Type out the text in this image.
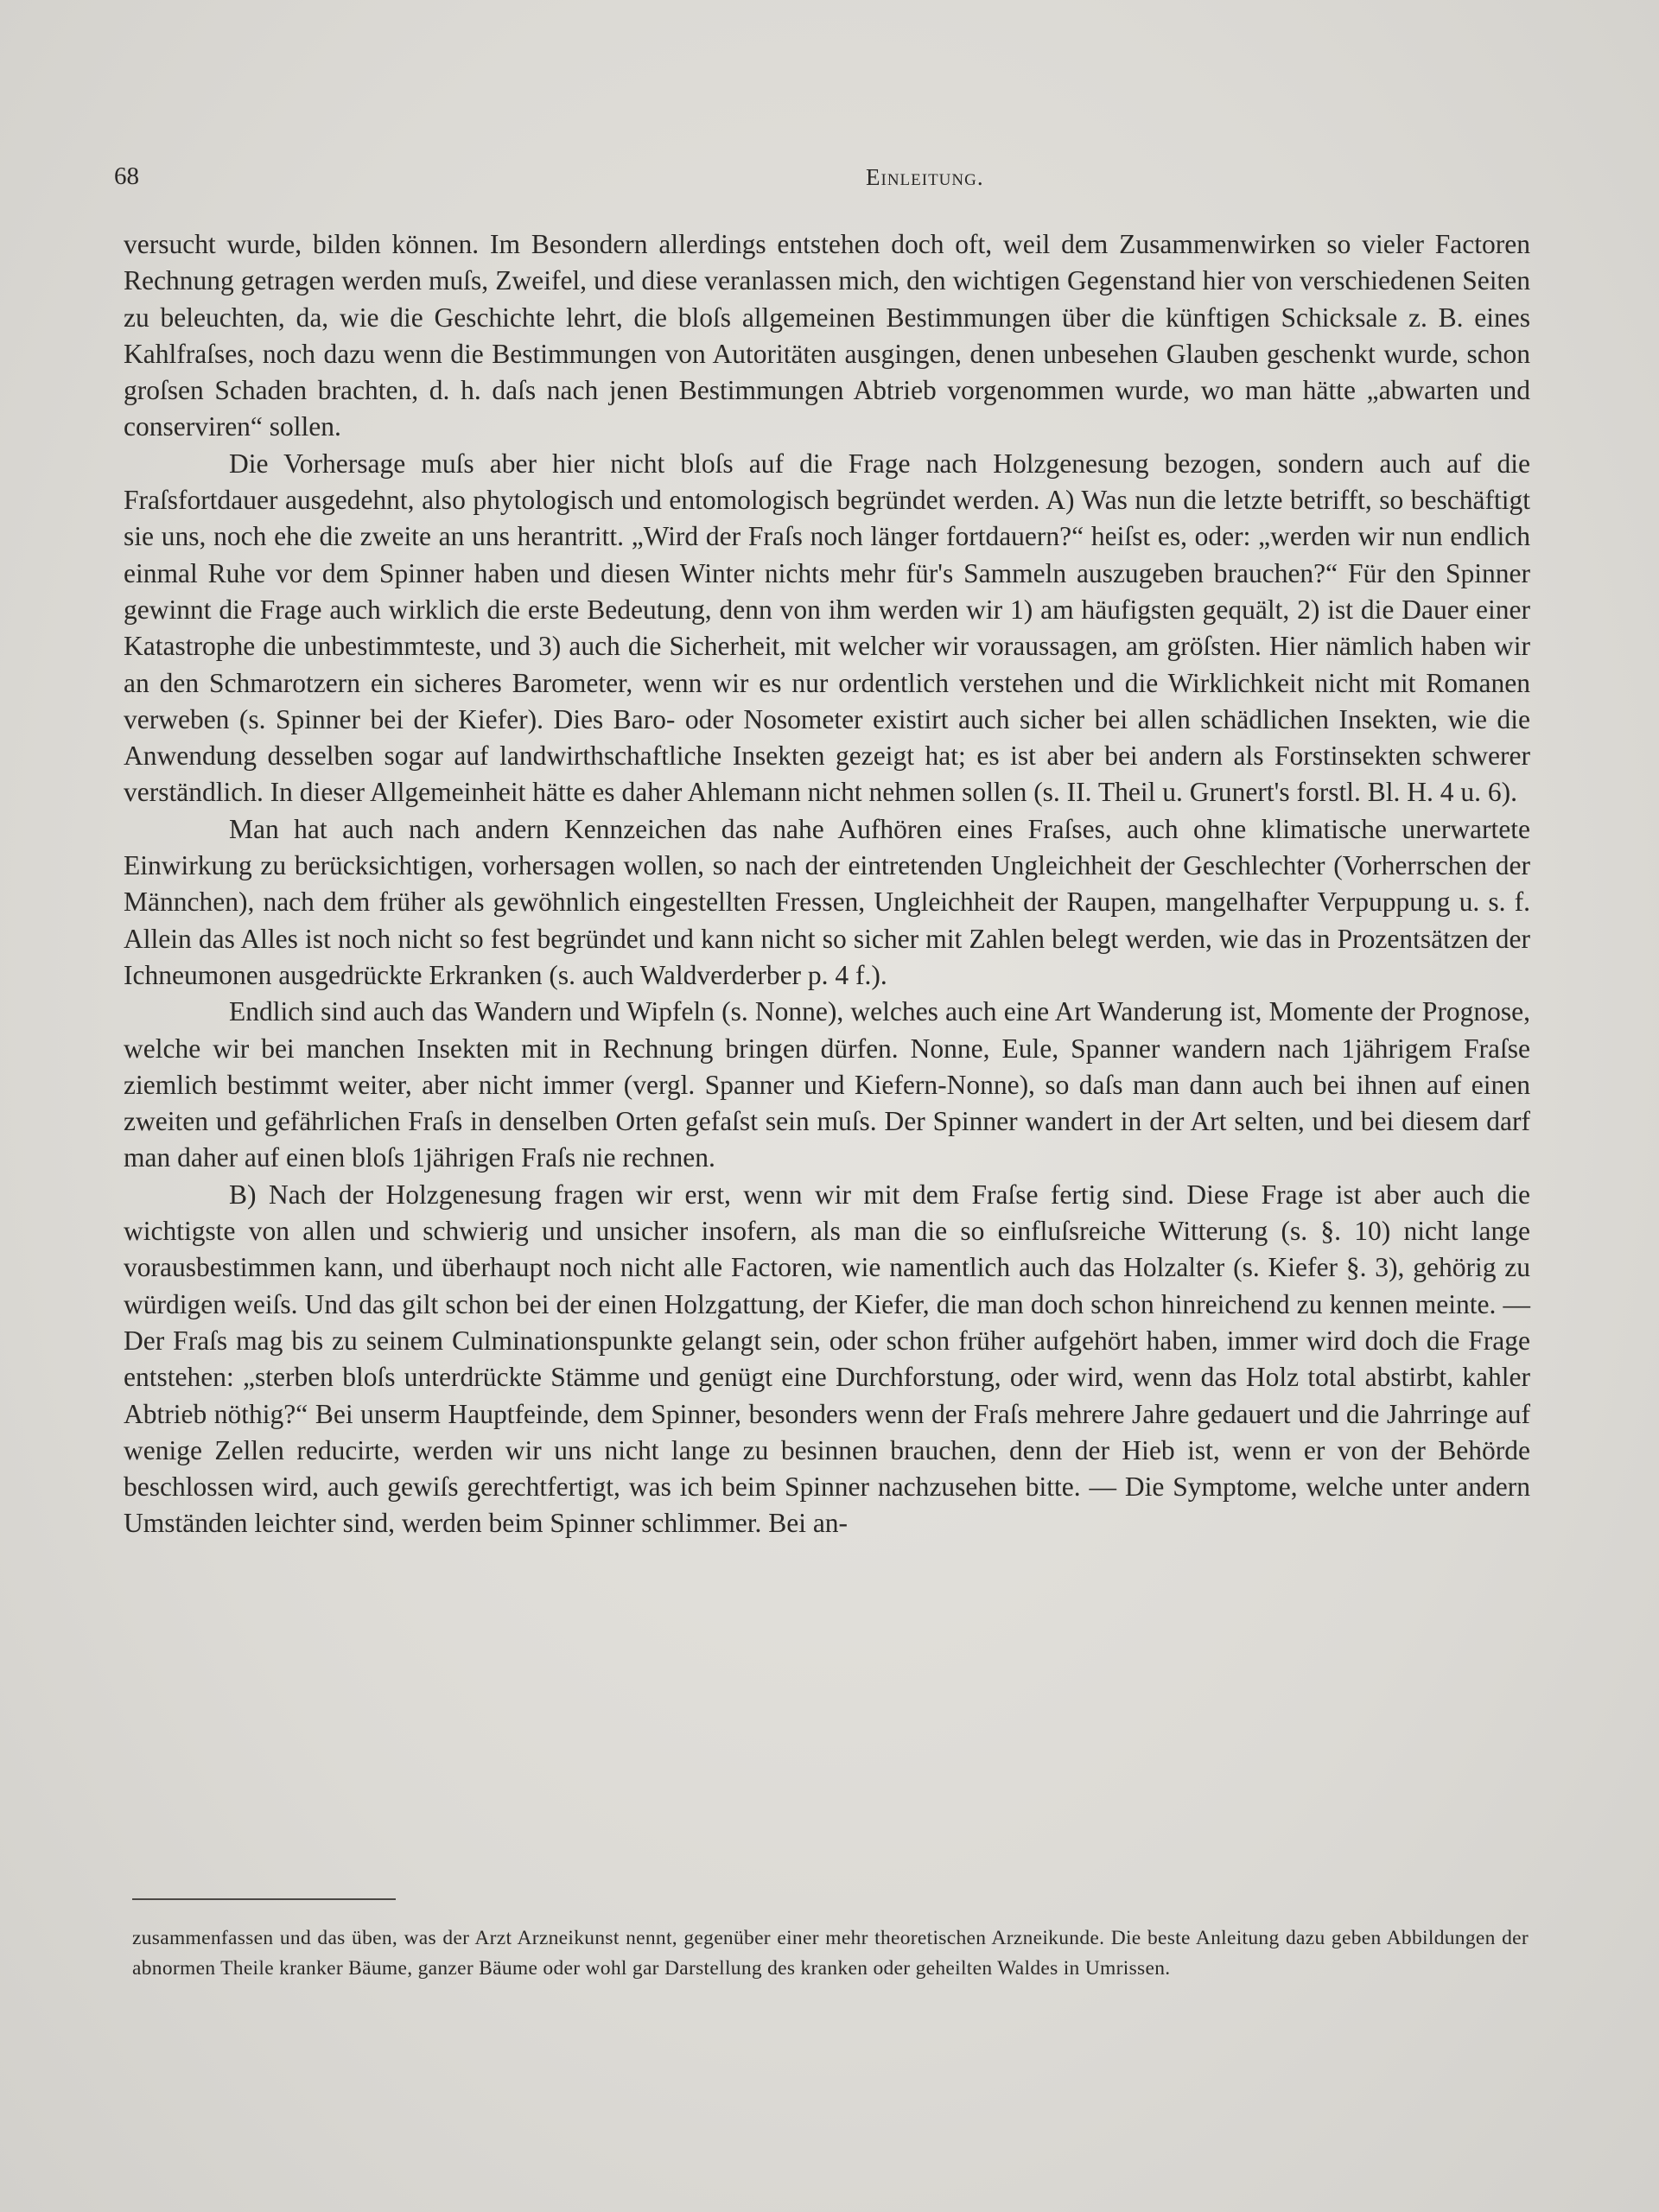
68	Einleitung.

versucht wurde, bilden können. Im Besondern allerdings entstehen doch oft, weil dem Zusammenwirken so vieler Factoren Rechnung getragen werden muſs, Zweifel, und diese veranlassen mich, den wichtigen Gegenstand hier von verschiedenen Seiten zu beleuchten, da, wie die Geschichte lehrt, die bloſs allgemeinen Bestimmungen über die künftigen Schicksale z. B. eines Kahlfraſses, noch dazu wenn die Bestimmungen von Autoritäten ausgingen, denen unbesehen Glauben geschenkt wurde, schon groſsen Schaden brachten, d. h. daſs nach jenen Bestimmungen Abtrieb vorgenommen wurde, wo man hätte „abwarten und conserviren“ sollen.

Die Vorhersage muſs aber hier nicht bloſs auf die Frage nach Holzgenesung bezogen, sondern auch auf die Fraſsfortdauer ausgedehnt, also phytologisch und entomologisch begründet werden. A) Was nun die letzte betrifft, so beschäftigt sie uns, noch ehe die zweite an uns herantritt. „Wird der Fraſs noch länger fortdauern?“ heiſst es, oder: „werden wir nun endlich einmal Ruhe vor dem Spinner haben und diesen Winter nichts mehr für's Sammeln auszugeben brauchen?“ Für den Spinner gewinnt die Frage auch wirklich die erste Bedeutung, denn von ihm werden wir 1) am häufigsten gequält, 2) ist die Dauer einer Katastrophe die unbestimmteste, und 3) auch die Sicherheit, mit welcher wir voraussagen, am gröſsten. Hier nämlich haben wir an den Schmarotzern ein sicheres Barometer, wenn wir es nur ordentlich verstehen und die Wirklichkeit nicht mit Romanen verweben (s. Spinner bei der Kiefer). Dies Baro- oder Nosometer existirt auch sicher bei allen schädlichen Insekten, wie die Anwendung desselben sogar auf landwirthschaftliche Insekten gezeigt hat; es ist aber bei andern als Forstinsekten schwerer verständlich. In dieser Allgemeinheit hätte es daher Ahlemann nicht nehmen sollen (s. II. Theil u. Grunert's forstl. Bl. H. 4 u. 6).

Man hat auch nach andern Kennzeichen das nahe Aufhören eines Fraſses, auch ohne klimatische unerwartete Einwirkung zu berücksichtigen, vorhersagen wollen, so nach der eintretenden Ungleichheit der Geschlechter (Vorherrschen der Männchen), nach dem früher als gewöhnlich eingestellten Fressen, Ungleichheit der Raupen, mangelhafter Verpuppung u. s. f. Allein das Alles ist noch nicht so fest begründet und kann nicht so sicher mit Zahlen belegt werden, wie das in Prozentsätzen der Ichneumonen ausgedrückte Erkranken (s. auch Waldverderber p. 4 f.).

Endlich sind auch das Wandern und Wipfeln (s. Nonne), welches auch eine Art Wanderung ist, Momente der Prognose, welche wir bei manchen Insekten mit in Rechnung bringen dürfen. Nonne, Eule, Spanner wandern nach 1jährigem Fraſse ziemlich bestimmt weiter, aber nicht immer (vergl. Spanner und Kiefern-Nonne), so daſs man dann auch bei ihnen auf einen zweiten und gefährlichen Fraſs in denselben Orten gefaſst sein muſs. Der Spinner wandert in der Art selten, und bei diesem darf man daher auf einen bloſs 1jährigen Fraſs nie rechnen.

B) Nach der Holzgenesung fragen wir erst, wenn wir mit dem Fraſse fertig sind. Diese Frage ist aber auch die wichtigste von allen und schwierig und unsicher insofern, als man die so einfluſsreiche Witterung (s. §. 10) nicht lange vorausbestimmen kann, und überhaupt noch nicht alle Factoren, wie namentlich auch das Holzalter (s. Kiefer §. 3), gehörig zu würdigen weiſs. Und das gilt schon bei der einen Holzgattung, der Kiefer, die man doch schon hinreichend zu kennen meinte. — Der Fraſs mag bis zu seinem Culminationspunkte gelangt sein, oder schon früher aufgehört haben, immer wird doch die Frage entstehen: „sterben bloſs unterdrückte Stämme und genügt eine Durchforstung, oder wird, wenn das Holz total abstirbt, kahler Abtrieb nöthig?“ Bei unserm Hauptfeinde, dem Spinner, besonders wenn der Fraſs mehrere Jahre gedauert und die Jahrringe auf wenige Zellen reducirte, werden wir uns nicht lange zu besinnen brauchen, denn der Hieb ist, wenn er von der Behörde beschlossen wird, auch gewiſs gerechtfertigt, was ich beim Spinner nachzusehen bitte. — Die Symptome, welche unter andern Umständen leichter sind, werden beim Spinner schlimmer. Bei an-

zusammenfassen und das üben, was der Arzt Arzneikunst nennt, gegenüber einer mehr theoretischen Arzneikunde. Die beste Anleitung dazu geben Abbildungen der abnormen Theile kranker Bäume, ganzer Bäume oder wohl gar Darstellung des kranken oder geheilten Waldes in Umrissen.
